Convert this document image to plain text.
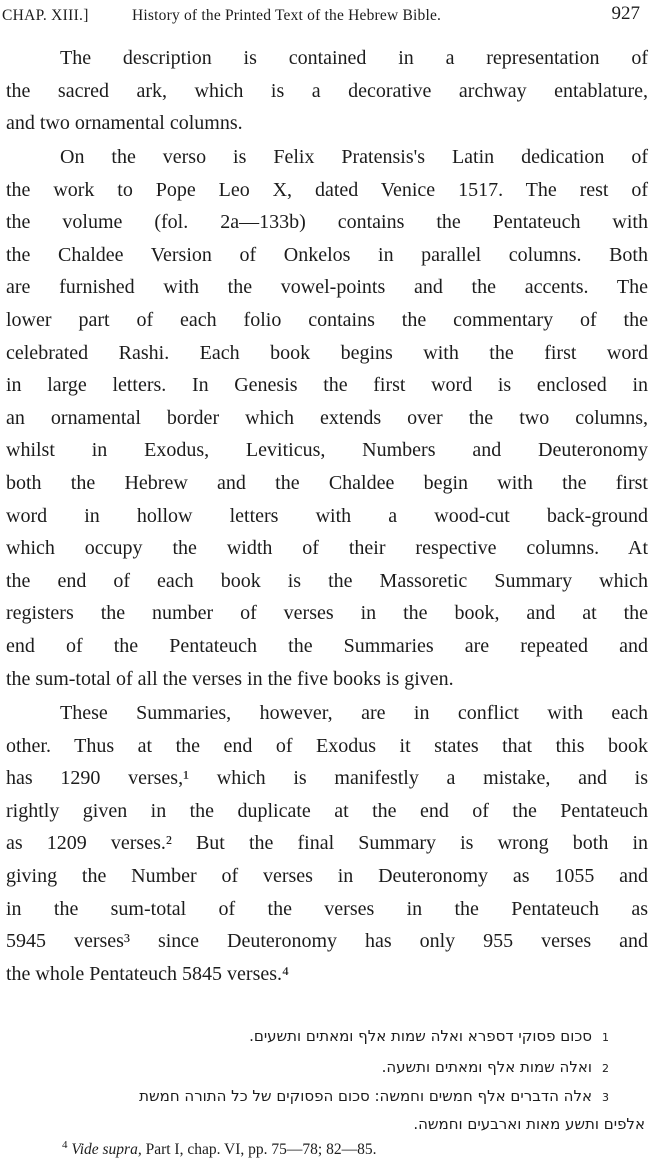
CHAP. XIII.]	History of the Printed Text of the Hebrew Bible.	927
The description is contained in a representation of
the sacred ark, which is a decorative archway entablature,
and two ornamental columns.
On the verso is Felix Pratensis's Latin dedication of
the work to Pope Leo X, dated Venice 1517. The rest of
the volume (fol. 2a—133b) contains the Pentateuch with
the Chaldee Version of Onkelos in parallel columns. Both
are furnished with the vowel-points and the accents. The
lower part of each folio contains the commentary of the
celebrated Rashi. Each book begins with the first word
in large letters. In Genesis the first word is enclosed in
an ornamental border which extends over the two columns,
whilst in Exodus, Leviticus, Numbers and Deuteronomy
both the Hebrew and the Chaldee begin with the first
word in hollow letters with a wood-cut back-ground
which occupy the width of their respective columns. At
the end of each book is the Massoretic Summary which
registers the number of verses in the book, and at the
end of the Pentateuch the Summaries are repeated and
the sum-total of all the verses in the five books is given.
These Summaries, however, are in conflict with each
other. Thus at the end of Exodus it states that this book
has 1290 verses,¹ which is manifestly a mistake, and is
rightly given in the duplicate at the end of the Pentateuch
as 1209 verses.² But the final Summary is wrong both in
giving the Number of verses in Deuteronomy as 1055 and
in the sum-total of the verses in the Pentateuch as
5945 verses³ since Deuteronomy has only 955 verses and
the whole Pentateuch 5845 verses.⁴
1סכום פסוקי דספרא ואלה שמות אלף ומאתים ותשעים.
2ואלה שמות אלף ומאתים ותשעה.
3אלה הדברים אלף חמשים וחמשה: סכום הפסוקים של כל התורה חמשת
אלפים ותשע מאות וארבעים וחמשה.
$^4$ Vide supra, Part I, chap. VI, pp. 75—78; 82—85.
